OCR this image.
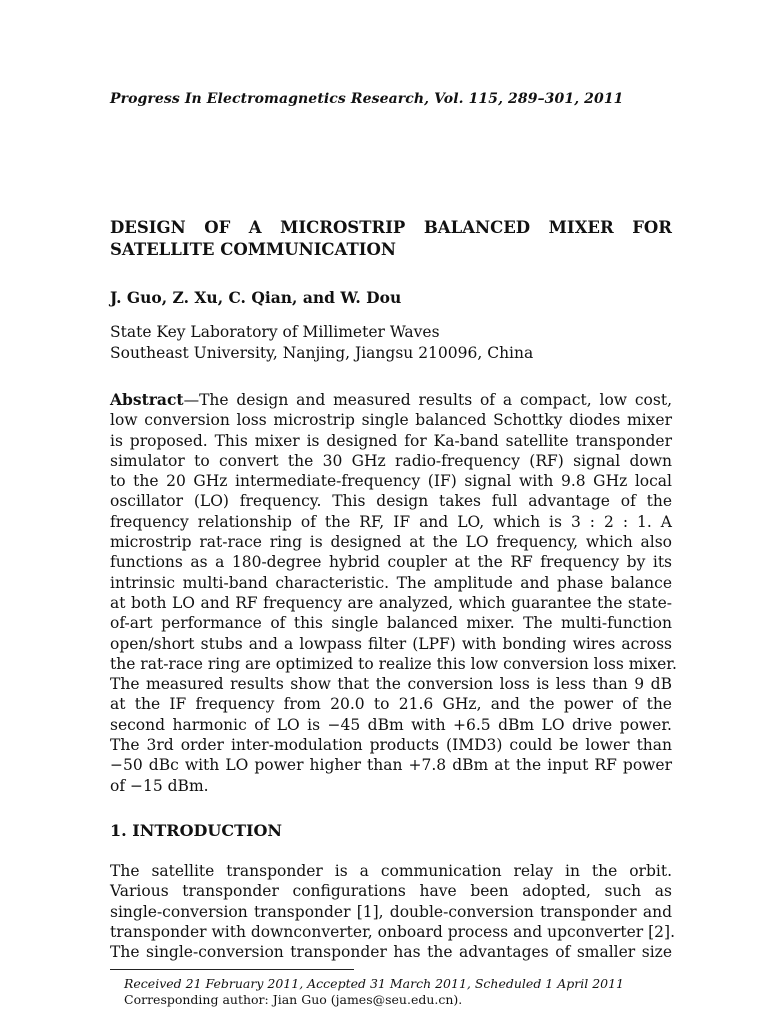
Progress In Electromagnetics Research, Vol. 115, 289–301, 2011
DESIGN OF A MICROSTRIP BALANCED MIXER FOR
SATELLITE COMMUNICATION
J. Guo, Z. Xu, C. Qian, and W. Dou
State Key Laboratory of Millimeter Waves
Southeast University, Nanjing, Jiangsu 210096, China
Abstract—The design and measured results of a compact, low cost,
low conversion loss microstrip single balanced Schottky diodes mixer
is proposed. This mixer is designed for Ka-band satellite transponder
simulator to convert the 30 GHz radio-frequency (RF) signal down
to the 20 GHz intermediate-frequency (IF) signal with 9.8 GHz local
oscillator (LO) frequency. This design takes full advantage of the
frequency relationship of the RF, IF and LO, which is 3 : 2 : 1. A
microstrip rat-race ring is designed at the LO frequency, which also
functions as a 180-degree hybrid coupler at the RF frequency by its
intrinsic multi-band characteristic. The amplitude and phase balance
at both LO and RF frequency are analyzed, which guarantee the state-
of-art performance of this single balanced mixer. The multi-function
open/short stubs and a lowpass filter (LPF) with bonding wires across
the rat-race ring are optimized to realize this low conversion loss mixer.
The measured results show that the conversion loss is less than 9 dB
at the IF frequency from 20.0 to 21.6 GHz, and the power of the
second harmonic of LO is −45 dBm with +6.5 dBm LO drive power.
The 3rd order inter-modulation products (IMD3) could be lower than
−50 dBc with LO power higher than +7.8 dBm at the input RF power
of −15 dBm.
1. INTRODUCTION
The satellite transponder is a communication relay in the orbit.
Various transponder configurations have been adopted, such as
single-conversion transponder [1], double-conversion transponder and
transponder with downconverter, onboard process and upconverter [2].
The single-conversion transponder has the advantages of smaller size
Received 21 February 2011, Accepted 31 March 2011, Scheduled 1 April 2011
Corresponding author: Jian Guo (james@seu.edu.cn).
